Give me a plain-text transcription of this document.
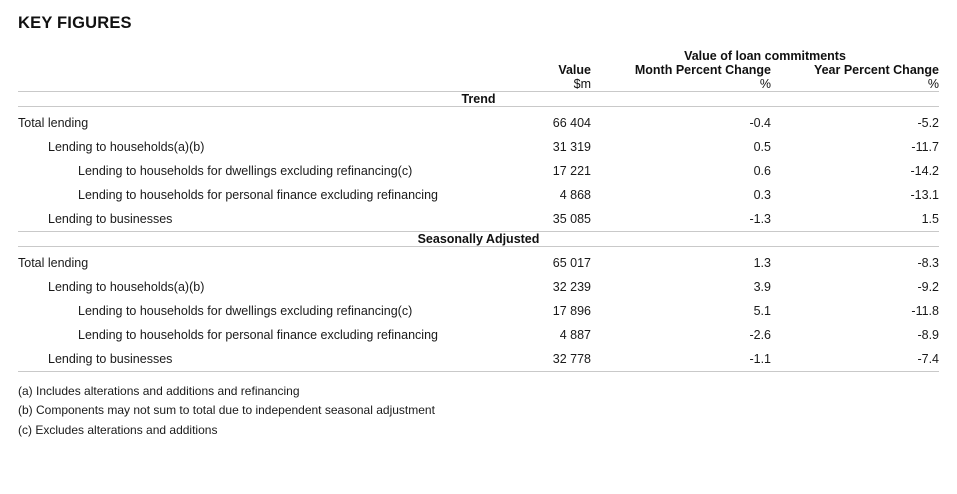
KEY FIGURES
		Value of loan commitments	
	Value	Month Percent Change	Year Percent Change
	$m	%	%

Trend			

Total lending	66 404	-0.4	-5.2
Lending to households(a)(b)	31 319	0.5	-11.7
Lending to households for dwellings excluding refinancing(c)	17 221	0.6	-14.2
Lending to households for personal finance excluding refinancing	4 868	0.3	-13.1
Lending to businesses	35 085	-1.3	1.5

Seasonally Adjusted			

Total lending	65 017	1.3	-8.3
Lending to households(a)(b)	32 239	3.9	-9.2
Lending to households for dwellings excluding refinancing(c)	17 896	5.1	-11.8
Lending to households for personal finance excluding refinancing	4 887	-2.6	-8.9
Lending to businesses	32 778	-1.1	-7.4

(a) Includes alterations and additions and refinancing
(b) Components may not sum to total due to independent seasonal adjustment
(c) Excludes alterations and additions
